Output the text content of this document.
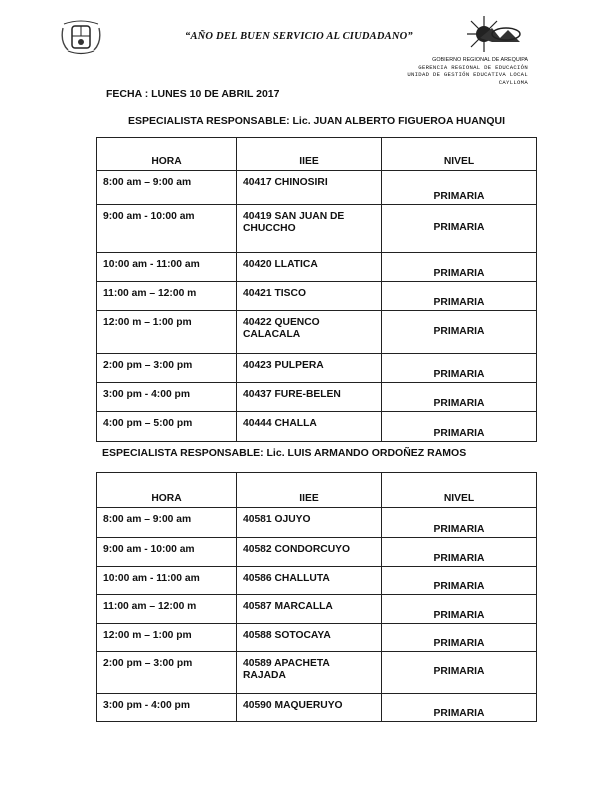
“AÑO DEL BUEN SERVICIO AL CIUDADANO”
GOBIERNO REGIONAL DE AREQUIPA
GERENCIA REGIONAL DE EDUCACIÓN
UNIDAD DE GESTIÓN EDUCATIVA LOCAL
CAYLLOMA
FECHA : LUNES 10 DE ABRIL 2017
ESPECIALISTA RESPONSABLE: Lic. JUAN ALBERTO FIGUEROA HUANQUI
HORA	IIEE	NIVEL
8:00 am – 9:00 am	40417 CHINOSIRI	PRIMARIA
9:00 am - 10:00 am	40419 SAN JUAN DE CHUCCHO	PRIMARIA
10:00 am - 11:00 am	40420 LLATICA	PRIMARIA
11:00 am – 12:00 m	40421 TISCO	PRIMARIA
12:00 m – 1:00 pm	40422 QUENCO CALACALA	PRIMARIA
2:00 pm – 3:00 pm	40423 PULPERA	PRIMARIA
3:00 pm - 4:00 pm	40437 FURE-BELEN	PRIMARIA
4:00 pm – 5:00 pm	40444 CHALLA	PRIMARIA
ESPECIALISTA RESPONSABLE: Lic. LUIS ARMANDO ORDOÑEZ RAMOS
HORA	IIEE	NIVEL
8:00 am – 9:00 am	40581 OJUYO	PRIMARIA
9:00 am - 10:00 am	40582 CONDORCUYO	PRIMARIA
10:00 am - 11:00 am	40586 CHALLUTA	PRIMARIA
11:00 am – 12:00 m	40587 MARCALLA	PRIMARIA
12:00 m – 1:00 pm	40588 SOTOCAYA	PRIMARIA
2:00 pm – 3:00 pm	40589 APACHETA RAJADA	PRIMARIA
3:00 pm - 4:00 pm	40590 MAQUERUYO	PRIMARIA
